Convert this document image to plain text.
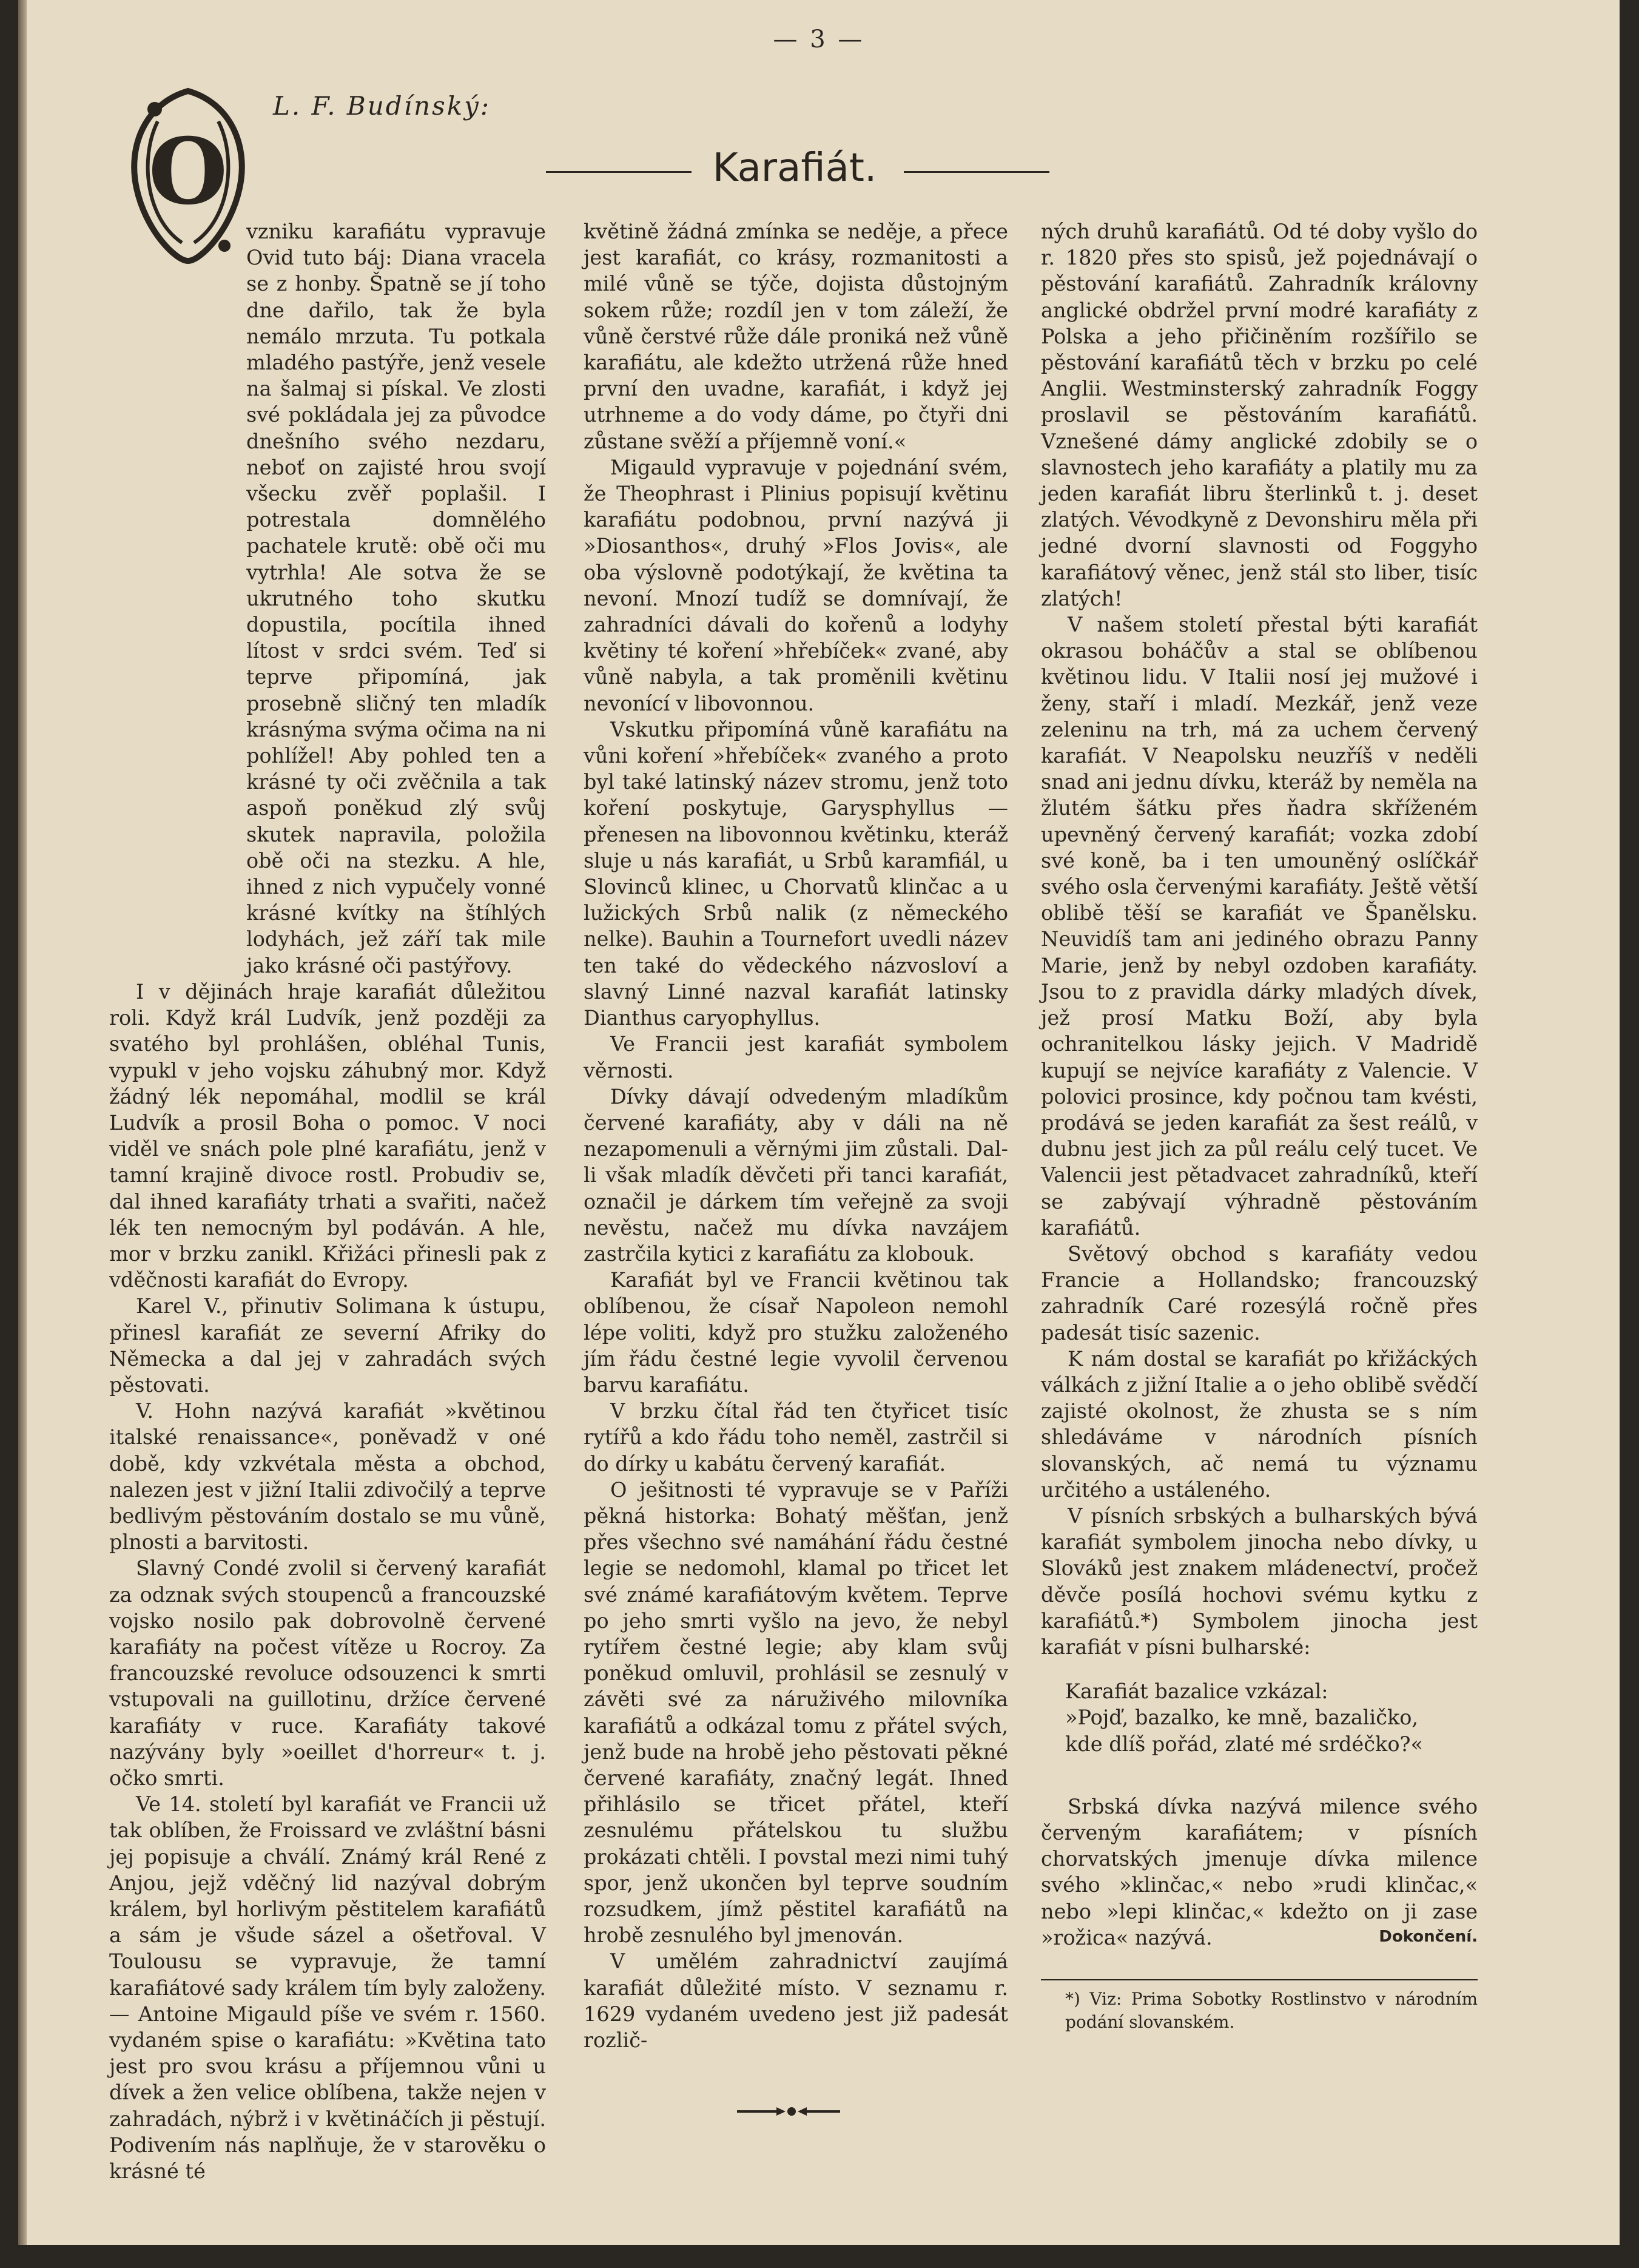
— 3 —
L. F. Budínský:
Karafiát.
O

vzniku karafiátu vypravuje Ovid tuto báj: Diana vracela se z honby. Špatně se jí toho dne dařilo, tak že byla nemálo mrzuta. Tu potkala mladého pastýře, jenž vesele na šalmaj si pískal. Ve zlosti své pokládala jej za původce dnešního svého nezdaru, neboť on zajisté hrou svojí všecku zvěř poplašil. I potrestala domnělého pachatele krutě: obě oči mu vytrhla! Ale sotva že se ukrutného toho skutku dopustila, pocítila ihned lítost v srdci svém. Teď si teprve připomíná, jak prosebně sličný ten mladík krásnýma svýma očima na ni pohlížel! Aby pohled ten a krásné ty oči zvěčnila a tak aspoň poněkud zlý svůj skutek napravila, položila obě oči na stezku. A hle, ihned z nich vypučely vonné krásné kvítky na štíhlých lodyhách, jež září tak mile jako krásné oči pastýřovy.

I v dějinách hraje karafiát důležitou roli. Když král Ludvík, jenž později za svatého byl prohlášen, obléhal Tunis, vypukl v jeho vojsku záhubný mor. Když žádný lék nepomáhal, modlil se král Ludvík a prosil Boha o pomoc. V noci viděl ve snách pole plné karafiátu, jenž v tamní krajině divoce rostl. Probudiv se, dal ihned karafiáty trhati a svařiti, načež lék ten nemocným byl podáván. A hle, mor v brzku zanikl. Křižáci přinesli pak z vděčnosti karafiát do Evropy.

Karel V., přinutiv Solimana k ústupu, přinesl karafiát ze severní Afriky do Německa a dal jej v zahradách svých pěstovati.

V. Hohn nazývá karafiát »květinou italské renaissance«, poněvadž v oné době, kdy vzkvétala města a obchod, nalezen jest v jižní Italii zdivočilý a teprve bedlivým pěstováním dostalo se mu vůně, plnosti a barvitosti.

Slavný Condé zvolil si červený karafiát za odznak svých stoupenců a francouzské vojsko nosilo pak dobrovolně červené karafiáty na počest vítěze u Rocroy. Za francouzské revoluce odsouzenci k smrti vstupovali na guillotinu, držíce červené karafiáty v ruce. Karafiáty takové nazývány byly »oeillet d'horreur« t. j. očko smrti.

Ve 14. století byl karafiát ve Francii už tak oblíben, že Froissard ve zvláštní básni jej popisuje a chválí. Známý král René z Anjou, jejž vděčný lid nazýval dobrým králem, byl horlivým pěstitelem karafiátů a sám je všude sázel a ošetřoval. V Toulousu se vypravuje, že tamní karafiátové sady králem tím byly založeny. — Antoine Migauld píše ve svém r. 1560. vydaném spise o karafiátu: »Květina tato jest pro svou krásu a příjemnou vůni u dívek a žen velice oblíbena, takže nejen v zahradách, nýbrž i v květináčích ji pěstují. Podivením nás naplňuje, že v starověku o krásné té

květině žádná zmínka se neděje, a přece jest karafiát, co krásy, rozmanitosti a milé vůně se týče, dojista důstojným sokem růže; rozdíl jen v tom záleží, že vůně čerstvé růže dále proniká než vůně karafiátu, ale kdežto utržená růže hned první den uvadne, karafiát, i když jej utrhneme a do vody dáme, po čtyři dni zůstane svěží a příjemně voní.«

Migauld vypravuje v pojednání svém, že Theophrast i Plinius popisují květinu karafiátu podobnou, první nazývá ji »Diosanthos«, druhý »Flos Jovis«, ale oba výslovně podotýkají, že květina ta nevoní. Mnozí tudíž se domnívají, že zahradníci dávali do kořenů a lodyhy květiny té koření »hřebíček« zvané, aby vůně nabyla, a tak proměnili květinu nevonící v libovonnou.

Vskutku připomíná vůně karafiátu na vůni koření »hřebíček« zvaného a proto byl také latinský název stromu, jenž toto koření poskytuje, Garysphyllus — přenesen na libovonnou květinku, kteráž sluje u nás karafiát, u Srbů karamfiál, u Slovinců klinec, u Chorvatů klinčac a u lužických Srbů nalik (z německého nelke). Bauhin a Tournefort uvedli název ten také do vědeckého názvosloví a slavný Linné nazval karafiát latinsky Dianthus caryophyllus.

Ve Francii jest karafiát symbolem věrnosti.

Dívky dávají odvedeným mladíkům červené karafiáty, aby v dáli na ně nezapomenuli a věrnými jim zůstali. Dal-li však mladík děvčeti při tanci karafiát, označil je dárkem tím veřejně za svoji nevěstu, načež mu dívka navzájem zastrčila kytici z karafiátu za klobouk.

Karafiát byl ve Francii květinou tak oblíbenou, že císař Napoleon nemohl lépe voliti, když pro stužku založeného jím řádu čestné legie vyvolil červenou barvu karafiátu.

V brzku čítal řád ten čtyřicet tisíc rytířů a kdo řádu toho neměl, zastrčil si do dírky u kabátu červený karafiát.

O ješitnosti té vypravuje se v Paříži pěkná historka: Bohatý měšťan, jenž přes všechno své namáhání řádu čestné legie se nedomohl, klamal po třicet let své známé karafiátovým květem. Teprve po jeho smrti vyšlo na jevo, že nebyl rytířem čestné legie; aby klam svůj poněkud omluvil, prohlásil se zesnulý v závěti své za náruživého milovníka karafiátů a odkázal tomu z přátel svých, jenž bude na hrobě jeho pěstovati pěkné červené karafiáty, značný legát. Ihned přihlásilo se třicet přátel, kteří zesnulému přátelskou tu službu prokázati chtěli. I povstal mezi nimi tuhý spor, jenž ukončen byl teprve soudním rozsudkem, jímž pěstitel karafiátů na hrobě zesnulého byl jmenován.

V umělém zahradnictví zaujímá karafiát důležité místo. V seznamu r. 1629 vydaném uvedeno jest již padesát rozlič-

ných druhů karafiátů. Od té doby vyšlo do r. 1820 přes sto spisů, jež pojednávají o pěstování karafiátů. Zahradník královny anglické obdržel první modré karafiáty z Polska a jeho přičiněním rozšířilo se pěstování karafiátů těch v brzku po celé Anglii. Westminsterský zahradník Foggy proslavil se pěstováním karafiátů. Vznešené dámy anglické zdobily se o slavnostech jeho karafiáty a platily mu za jeden karafiát libru šterlinků t. j. deset zlatých. Vévodkyně z Devonshiru měla při jedné dvorní slavnosti od Foggyho karafiátový věnec, jenž stál sto liber, tisíc zlatých!

V našem století přestal býti karafiát okrasou boháčův a stal se oblíbenou květinou lidu. V Italii nosí jej mužové i ženy, staří i mladí. Mezkář, jenž veze zeleninu na trh, má za uchem červený karafiát. V Neapolsku neuzříš v neděli snad ani jednu dívku, kteráž by neměla na žlutém šátku přes ňadra skříženém upevněný červený karafiát; vozka zdobí své koně, ba i ten umouněný oslíčkář svého osla červenými karafiáty. Ještě větší oblibě těší se karafiát ve Španělsku. Neuvidíš tam ani jediného obrazu Panny Marie, jenž by nebyl ozdoben karafiáty. Jsou to z pravidla dárky mladých dívek, jež prosí Matku Boží, aby byla ochranitelkou lásky jejich. V Madridě kupují se nejvíce karafiáty z Valencie. V polovici prosince, kdy počnou tam kvésti, prodává se jeden karafiát za šest reálů, v dubnu jest jich za půl reálu celý tucet. Ve Valencii jest pětadvacet zahradníků, kteří se zabývají výhradně pěstováním karafiátů.

Světový obchod s karafiáty vedou Francie a Hollandsko; francouzský zahradník Caré rozesýlá ročně přes padesát tisíc sazenic.

K nám dostal se karafiát po křižáckých válkách z jižní Italie a o jeho oblibě svědčí zajisté okolnost, že zhusta se s ním shledáváme v národních písních slovanských, ač nemá tu významu určitého a ustáleného.

V písních srbských a bulharských bývá karafiát symbolem jinocha nebo dívky, u Slováků jest znakem mládenectví, pročež děvče posílá hochovi svému kytku z karafiátů.*) Symbolem jinocha jest karafiát v písni bulharské:

Karafiát bazalice vzkázal:

»Pojď, bazalko, ke mně, bazaličko,

kde dlíš pořád, zlaté mé srdéčko?«

Srbská dívka nazývá milence svého červeným karafiátem; v písních chorvatských jmenuje dívka milence svého »klinčac,« nebo »rudi klinčac,« nebo »lepi klinčac,« kdežto on ji zase »rožica« nazývá.	Dokončení.

*) Viz: Prima Sobotky Rostlinstvo v národním podání slovanském.
